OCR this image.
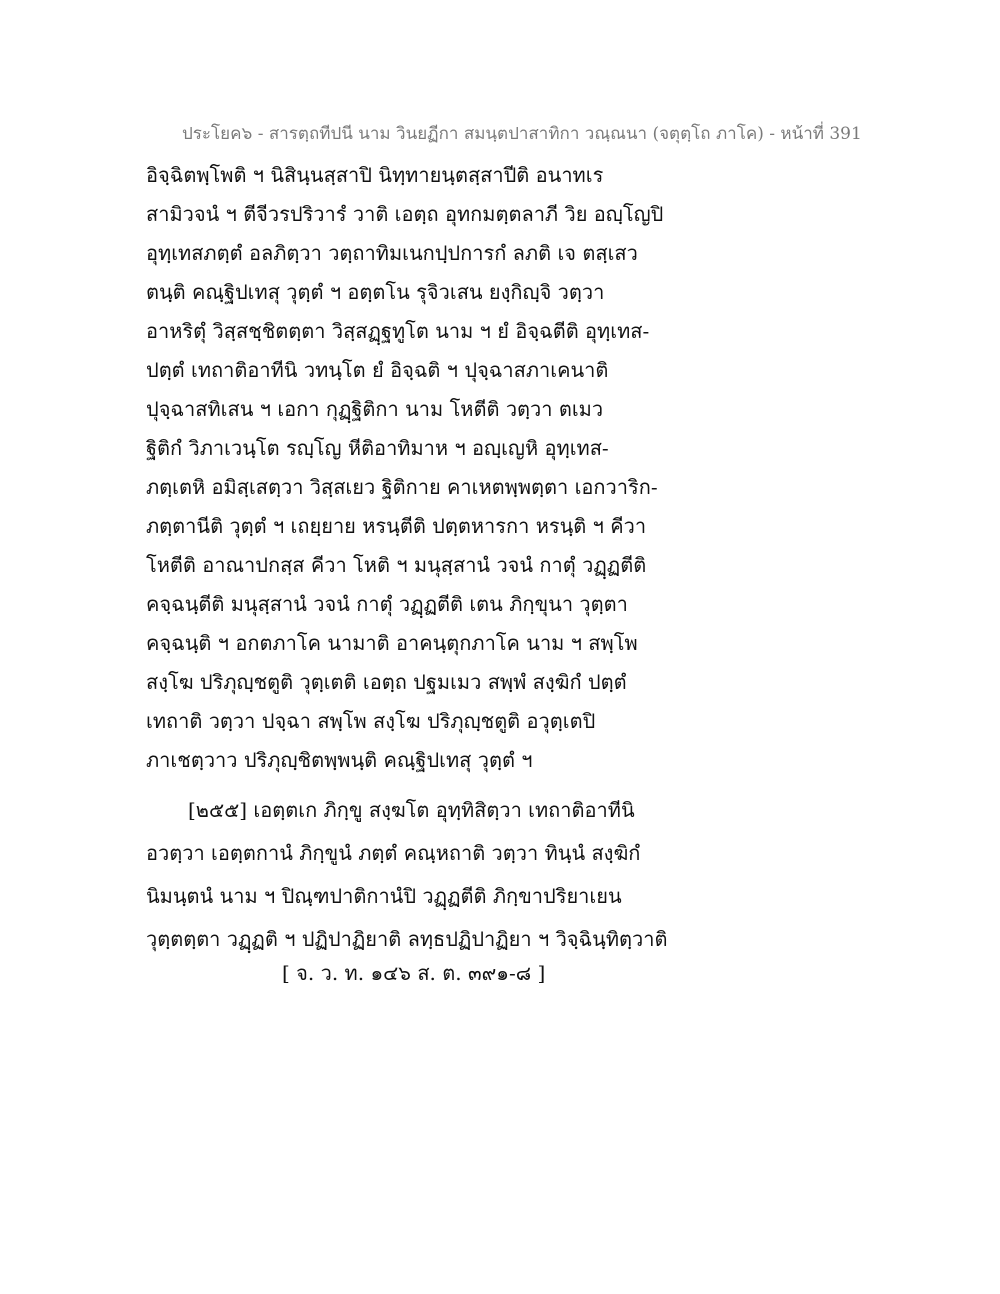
ประโยค๖ - สารตฺถทีปนี นาม วินยฏีกา สมนฺตปาสาทิกา วณฺณนา (จตุตฺโถ ภาโค) - หน้าที่ 391
อิจฺฉิตพฺโพติ ฯ นิสินฺนสฺสาปิ นิทฺทายนฺตสฺสาปีติ อนาทเร
สามิวจนํ ฯ ตีจีวรปริวารํ วาติ เอตฺถ อุทกมตฺตลาภี วิย อญฺโญปิ
อุทฺเทสภตฺตํ อลภิตฺวา วตฺถาทิมเนกปฺปการกํ ลภติ เจ ตสฺเสว
ตนฺติ คณฺฐิปเทสุ วุตฺตํ ฯ อตฺตโน รุจิวเสน ยงฺกิญฺจิ วตฺวา
อาหริตุํ วิสฺสชฺชิตตฺตา วิสฺสฏฺฐทูโต นาม ฯ ยํ อิจฺฉตีติ อุทฺเทส-
ปตฺตํ เทถาติอาทีนิ วทนฺโต ยํ อิจฺฉติ ฯ ปุจฺฉาสภาเคนาติ
ปุจฺฉาสทิเสน ฯ เอกา กุฏฺฐิติกา นาม โหตีติ วตฺวา ตเมว
ฐิติกํ วิภาเวนฺโต รญฺโญ หีติอาทิมาห ฯ อญฺเญหิ อุทฺเทส-
ภตฺเตหิ อมิสฺเสตฺวา วิสฺสเยว ฐิติกาย คาเหตพฺพตฺตา เอกวาริก-
ภตฺตานีติ วุตฺตํ ฯ เถยฺยาย หรนฺตีติ ปตฺตหารกา หรนฺติ ฯ คีวา
โหตีติ อาณาปกสฺส คีวา โหติ ฯ มนุสฺสานํ วจนํ กาตุํ วฏฺฏตีติ
คจฺฉนฺตีติ มนุสฺสานํ วจนํ กาตุํ วฏฺฏตีติ เตน ภิกฺขุนา วุตฺตา
คจฺฉนฺติ ฯ อกตภาโค นามาติ อาคนฺตุกภาโค นาม ฯ สพฺโพ
สงฺโฆ ปริภุญฺชตูติ วุตฺเตติ เอตฺถ ปฐมเมว สพฺพํ สงฺฆิกํ ปตฺตํ
เทถาติ วตฺวา ปจฺฉา สพฺโพ สงฺโฆ ปริภุญฺชตูติ อวุตฺเตปิ
ภาเชตฺวาว ปริภุญฺชิตพฺพนฺติ คณฺฐิปเทสุ วุตฺตํ ฯ
[๒๕๕] เอตฺตเก ภิกฺขู สงฺฆโต อุทฺทิสิตฺวา เทถาติอาทีนิ
อวตฺวา เอตฺตกานํ ภิกฺขูนํ ภตฺตํ คณฺหถาติ วตฺวา ทินฺนํ สงฺฆิกํ
นิมนฺตนํ นาม ฯ ปิณฺฑปาติกานํปิ วฏฺฏตีติ ภิกฺขาปริยาเยน
วุตฺตตฺตา วฏฺฏติ ฯ ปฏิปาฏิยาติ ลทฺธปฏิปาฏิยา ฯ วิจฺฉินฺทิตฺวาติ
[ จ. ว. ท. ๑๔๖ ส. ต. ๓๙๑-๘ ]
